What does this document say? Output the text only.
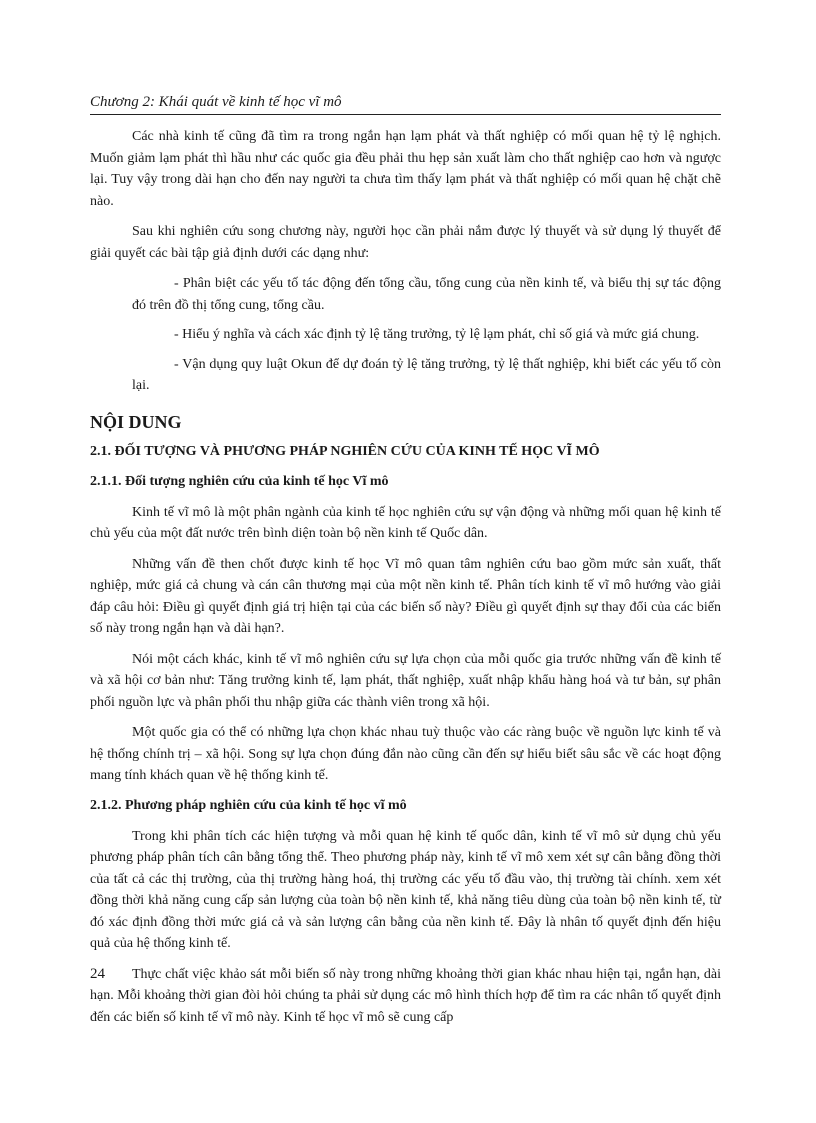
Chương 2: Khái quát về kinh tế học vĩ mô

Các nhà kinh tế cũng đã tìm ra trong ngắn hạn lạm phát và thất nghiệp có mối quan hệ tỷ lệ nghịch. Muốn giảm lạm phát thì hầu như các quốc gia đều phải thu hẹp sản xuất làm cho thất nghiệp cao hơn và ngược lại. Tuy vậy trong dài hạn cho đến nay người ta chưa tìm thấy lạm phát và thất nghiệp có mối quan hệ chặt chẽ nào.

Sau khi nghiên cứu song chương này, người học cần phải nắm được lý thuyết và sử dụng lý thuyết để giải quyết các bài tập giả định dưới các dạng như:

- Phân biệt các yếu tố tác động đến tổng cầu, tổng cung của nền kinh tế, và biểu thị sự tác động đó trên đồ thị tổng cung, tổng cầu.

- Hiểu ý nghĩa và cách xác định tỷ lệ tăng trưởng, tỷ lệ lạm phát, chỉ số giá và mức giá chung.

- Vận dụng quy luật Okun để dự đoán tỷ lệ tăng trưởng, tỷ lệ thất nghiệp, khi biết các yếu tố còn lại.

NỘI DUNG
2.1. ĐỐI TƯỢNG VÀ PHƯƠNG PHÁP NGHIÊN CỨU CỦA KINH TẾ HỌC VĨ MÔ
2.1.1. Đối tượng nghiên cứu của kinh tế học Vĩ mô

Kinh tế vĩ mô là một phân ngành của kinh tế học nghiên cứu sự vận động và những mối quan hệ kinh tế chủ yếu của một đất nước trên bình diện toàn bộ nền kinh tế Quốc dân.

Những vấn đề then chốt được kinh tế học Vĩ mô quan tâm nghiên cứu bao gồm mức sản xuất, thất nghiệp, mức giá cả chung và cán cân thương mại của một nền kinh tế. Phân tích kinh tế vĩ mô hướng vào giải đáp câu hỏi: Điều gì quyết định giá trị hiện tại của các biến số này? Điều gì quyết định sự thay đổi của các biến số này trong ngắn hạn và dài hạn?.

Nói một cách khác, kinh tế vĩ mô nghiên cứu sự lựa chọn của mỗi quốc gia trước những vấn đề kinh tế và xã hội cơ bản như: Tăng trưởng kinh tế, lạm phát, thất nghiệp, xuất nhập khẩu hàng hoá và tư bản, sự phân phối nguồn lực và phân phối thu nhập giữa các thành viên trong xã hội.

Một quốc gia có thể có những lựa chọn khác nhau tuỳ thuộc vào các ràng buộc về nguồn lực kinh tế và hệ thống chính trị – xã hội. Song sự lựa chọn đúng đắn nào cũng cần đến sự hiểu biết sâu sắc về các hoạt động mang tính khách quan về hệ thống kinh tế.

2.1.2. Phương pháp nghiên cứu của kinh tế học vĩ mô

Trong khi phân tích các hiện tượng và mỗi quan hệ kinh tế quốc dân, kinh tế vĩ mô sử dụng chủ yếu phương pháp phân tích cân bằng tổng thể. Theo phương pháp này, kinh tế vĩ mô xem xét sự cân bằng đồng thời của tất cả các thị trường, của thị trường hàng hoá, thị trường các yếu tố đầu vào, thị trường tài chính. xem xét đồng thời khả năng cung cấp sản lượng của toàn bộ nền kinh tế, khả năng tiêu dùng của toàn bộ nền kinh tế, từ đó xác định đồng thời mức giá cả và sản lượng cân bằng của nền kinh tế. Đây là nhân tố quyết định đến hiệu quả của hệ thống kinh tế.

Thực chất việc khảo sát mỗi biến số này trong những khoảng thời gian khác nhau hiện tại, ngắn hạn, dài hạn. Mỗi khoảng thời gian đòi hỏi chúng ta phải sử dụng các mô hình thích hợp để tìm ra các nhân tố quyết định đến các biến số kinh tế vĩ mô này. Kinh tế học vĩ mô sẽ cung cấp

24
